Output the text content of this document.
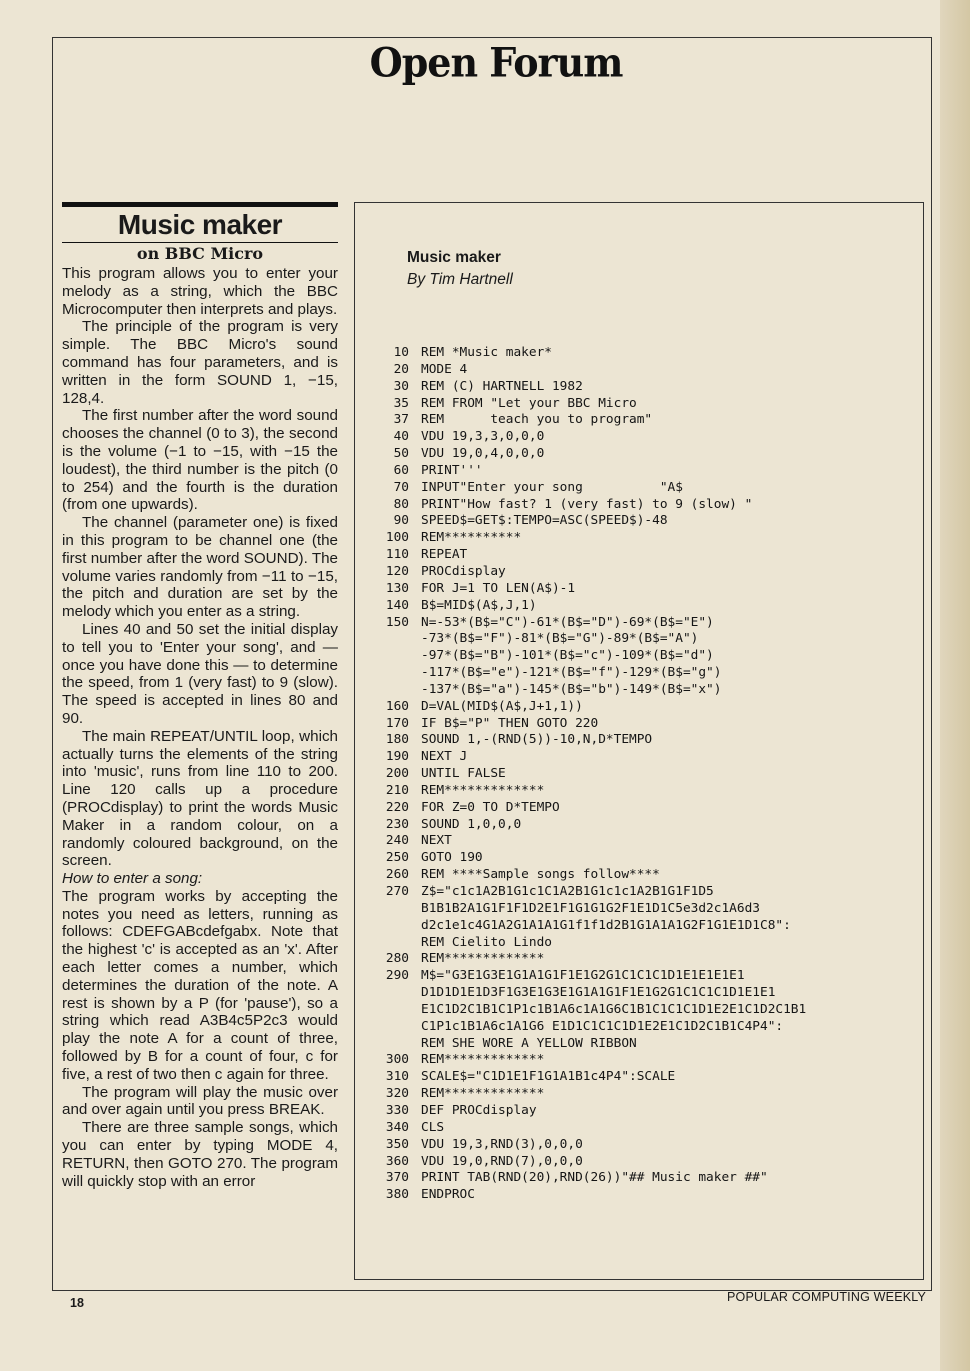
Open Forum
Music maker
on BBC Micro

This program allows you to enter your melody as a string, which the BBC Microcomputer then interprets and plays.

The principle of the program is very simple. The BBC Micro's sound command has four parameters, and is written in the form SOUND 1, −15, 128,4.

The first number after the word sound chooses the channel (0 to 3), the second is the volume (−1 to −15, with −15 the loudest), the third number is the pitch (0 to 254) and the fourth is the duration (from one upwards).

The channel (parameter one) is fixed in this program to be channel one (the first number after the word SOUND). The volume varies randomly from −11 to −15, the pitch and duration are set by the melody which you enter as a string.

Lines 40 and 50 set the initial display to tell you to 'Enter your song', and — once you have done this — to determine the speed, from 1 (very fast) to 9 (slow). The speed is accepted in lines 80 and 90.

The main REPEAT/UNTIL loop, which actually turns the elements of the string into 'music', runs from line 110 to 200. Line 120 calls up a procedure (PROCdisplay) to print the words Music Maker in a random colour, on a randomly coloured background, on the screen.

How to enter a song:

The program works by accepting the notes you need as letters, running as follows: CDEFGABcdefgabx. Note that the highest 'c' is accepted as an 'x'. After each letter comes a number, which determines the duration of the note. A rest is shown by a P (for 'pause'), so a string which read A3B4c5P2c3 would play the note A for a count of three, followed by B for a count of four, c for five, a rest of two then c again for three.

The program will play the music over and over again until you press BREAK.

There are three sample songs, which you can enter by typing MODE 4, RETURN, then GOTO 270. The program will quickly stop with an error

Music maker
By Tim Hartnell
10 REM *Music maker*
20 MODE 4
30 REM (C) HARTNELL 1982
35 REM FROM "Let your BBC Micro
37 REM      teach you to program"
40 VDU 19,3,3,0,0,0
50 VDU 19,0,4,0,0,0
60 PRINT'''
70 INPUT"Enter your song          "A$
80 PRINT"How fast? 1 (very fast) to 9 (slow) "
90 SPEED$=GET$:TEMPO=ASC(SPEED$)-48
100 REM**********
110 REPEAT
120 PROCdisplay
130 FOR J=1 TO LEN(A$)-1
140 B$=MID$(A$,J,1)
150 N=-53*(B$="C")-61*(B$="D")-69*(B$="E")
-73*(B$="F")-81*(B$="G")-89*(B$="A")
-97*(B$="B")-101*(B$="c")-109*(B$="d")
-117*(B$="e")-121*(B$="f")-129*(B$="g")
-137*(B$="a")-145*(B$="b")-149*(B$="x")
160 D=VAL(MID$(A$,J+1,1))
170 IF B$="P" THEN GOTO 220
180 SOUND 1,-(RND(5))-10,N,D*TEMPO
190 NEXT J
200 UNTIL FALSE
210 REM*************
220 FOR Z=0 TO D*TEMPO
230 SOUND 1,0,0,0
240 NEXT
250 GOTO 190
260 REM ****Sample songs follow****
270 Z$="c1c1A2B1G1c1C1A2B1G1c1c1A2B1G1F1D5
B1B1B2A1G1F1F1D2E1F1G1G1G2F1E1D1C5e3d2c1A6d3
d2c1e1c4G1A2G1A1A1G1f1f1d2B1G1A1A1G2F1G1E1D1C8":
REM Cielito Lindo
280 REM*************
290 M$="G3E1G3E1G1A1G1F1E1G2G1C1C1C1D1E1E1E1E1
D1D1D1E1D3F1G3E1G3E1G1A1G1F1E1G2G1C1C1C1D1E1E1
E1C1D2C1B1C1P1c1B1A6c1A1G6C1B1C1C1C1D1E2E1C1D2C1B1
C1P1c1B1A6c1A1G6 E1D1C1C1C1D1E2E1C1D2C1B1C4P4":
REM SHE WORE A YELLOW RIBBON
300 REM*************
310 SCALE$="C1D1E1F1G1A1B1c4P4":SCALE
320 REM*************
330 DEF PROCdisplay
340 CLS
350 VDU 19,3,RND(3),0,0,0
360 VDU 19,0,RND(7),0,0,0
370 PRINT TAB(RND(20),RND(26))"## Music maker ##"
380 ENDPROC
18	POPULAR COMPUTING WEEKLY
